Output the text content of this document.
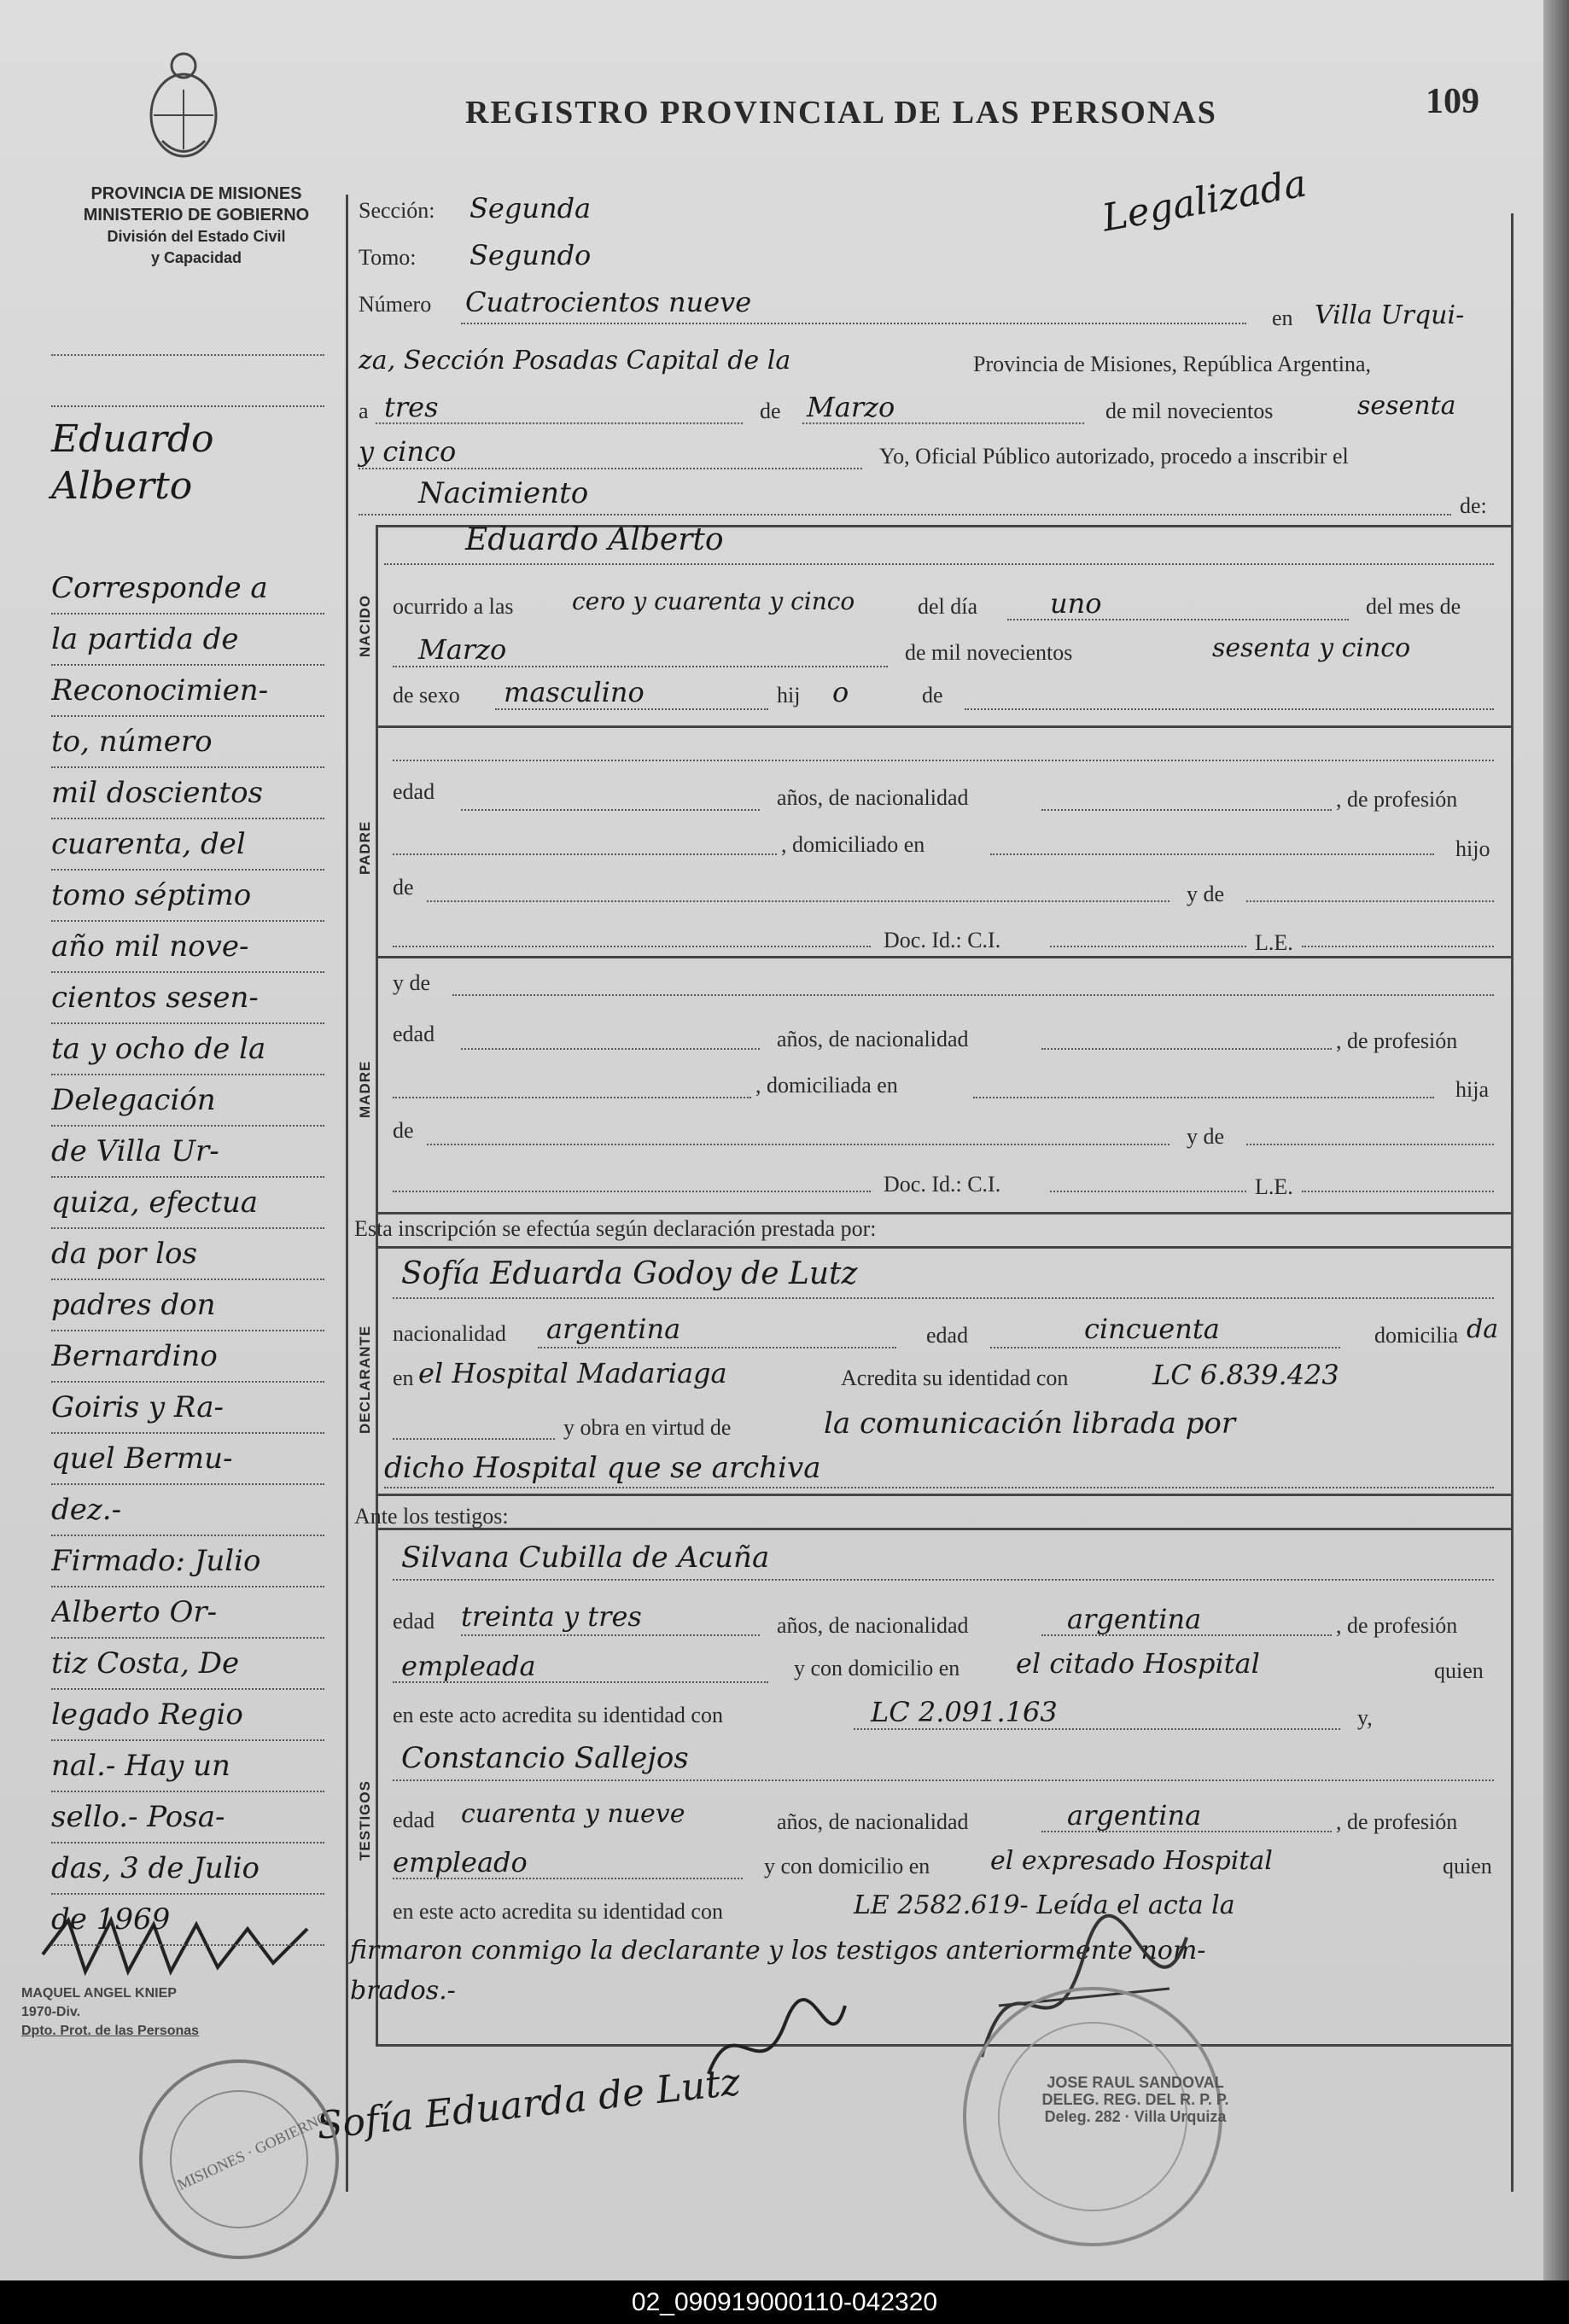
PROVINCIA DE MISIONES
MINISTERIO DE GOBIERNO
División del Estado Civil
y Capacidad
REGISTRO PROVINCIAL DE LAS PERSONAS	109
Legalizada
NACIDO
PADRE
MADRE
DECLARANTE
TESTIGOS
Sección: Segunda
Tomo: Segundo
Número Cuatrocientos nueve	en Villa Urqui-
za, Sección Posadas Capital de la	Provincia de Misiones, República Argentina,
a tres	de Marzo	de mil novecientos	sesenta
y cinco	Yo, Oficial Público autorizado, procedo a inscribir el
Nacimiento	de:
Eduardo Alberto
ocurrido a las cero y cuarenta y cinco	del día	uno	del mes de
Marzo	de mil novecientos	sesenta y cinco
de sexo masculino	hij o	de
edad	años, de nacionalidad	, de profesión
, domiciliado en	hijo
de	y de
Doc. Id.: C.I.	L.E.
y de
edad	años, de nacionalidad	, de profesión
, domiciliada en	hija
de	y de
Doc. Id.: C.I.	L.E.
Esta inscripción se efectúa según declaración prestada por:
Sofía Eduarda Godoy de Lutz
nacionalidad argentina	edad	cincuenta	domicilia da
en el Hospital Madariaga	Acredita su identidad con	LC 6.839.423
y obra en virtud de	la comunicación librada por
dicho Hospital que se archiva
Ante los testigos:
Silvana Cubilla de Acuña
edad treinta y tres	años, de nacionalidad	argentina	, de profesión
empleada	y con domicilio en el citado Hospital	quien
en este acto acredita su identidad con	LC 2.091.163	y,
Constancio Sallejos
edad cuarenta y nueve	años, de nacionalidad	argentina	, de profesión
empleado	y con domicilio en el expresado Hospital	quien
en este acto acredita su identidad con	LE 2582.619- Leída el acta la
firmaron conmigo la declarante y los testigos anteriormente nom-
brados.-
Sofía Eduarda de Lutz
MISIONES · GOBIERNO
JOSE RAUL SANDOVAL
DELEG. REG. DEL R. P. P.
Deleg. 282 · Villa Urquiza
MAQUEL ANGEL KNIEP
1970-Div.
Dpto. Prot. de las Personas
Eduardo
Alberto
Corresponde a
la partida de
Reconocimien-
to, número
mil doscientos
cuarenta, del
tomo séptimo
año mil nove-
cientos sesen-
ta y ocho de la
Delegación
de Villa Ur-
quiza, efectua
da por los
padres don
Bernardino
Goiris y Ra-
quel Bermu-
dez.-
Firmado: Julio
Alberto Or-
tiz Costa, De
legado Regio
nal.- Hay un
sello.- Posa-
das, 3 de Julio
de 1969
02_090919000110-042320
